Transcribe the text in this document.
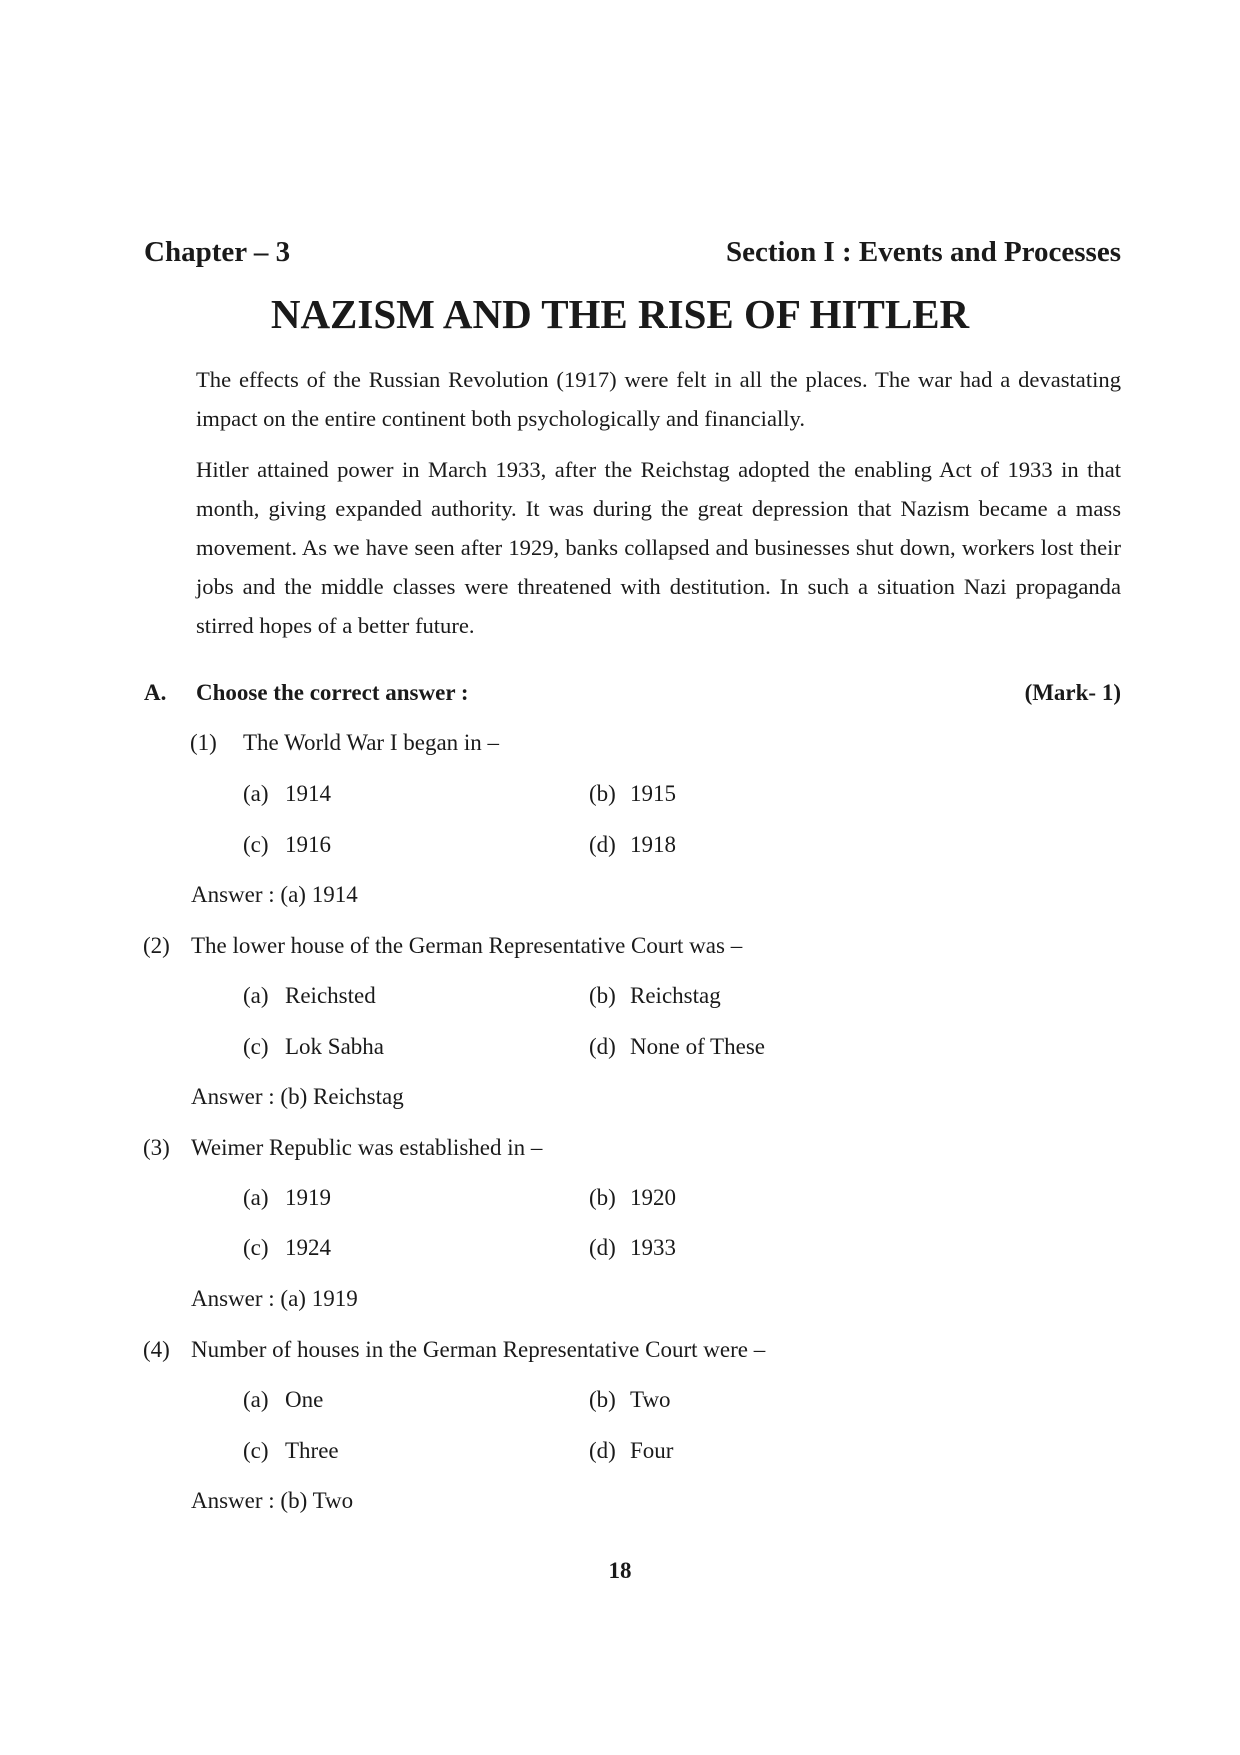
Chapter – 3	Section I : Events and Processes
NAZISM AND THE RISE OF HITLER

The effects of the Russian Revolution (1917) were felt in all the places. The war had a devastating impact on the entire continent both psychologically and financially.

Hitler attained power in March 1933, after the Reichstag adopted the enabling Act of 1933 in that month, giving expanded authority. It was during the great depression that Nazism became a mass movement. As we have seen after 1929, banks collapsed and businesses shut down, workers lost their jobs and the middle classes were threatened with destitution. In such a situation Nazi propaganda stirred hopes of a better future.

A. Choose the correct answer :	(Mark- 1)
(1) The World War I began in –
(a) 1914	(b) 1915
(c) 1916	(d) 1918
Answer : (a) 1914
(2) The lower house of the German Representative Court was –
(a) Reichsted	(b) Reichstag
(c) Lok Sabha	(d) None of These
Answer : (b) Reichstag
(3) Weimer Republic was established in –
(a) 1919	(b) 1920
(c) 1924	(d) 1933
Answer : (a) 1919
(4) Number of houses in the German Representative Court were –
(a) One	(b) Two
(c) Three	(d) Four
Answer : (b) Two
18
